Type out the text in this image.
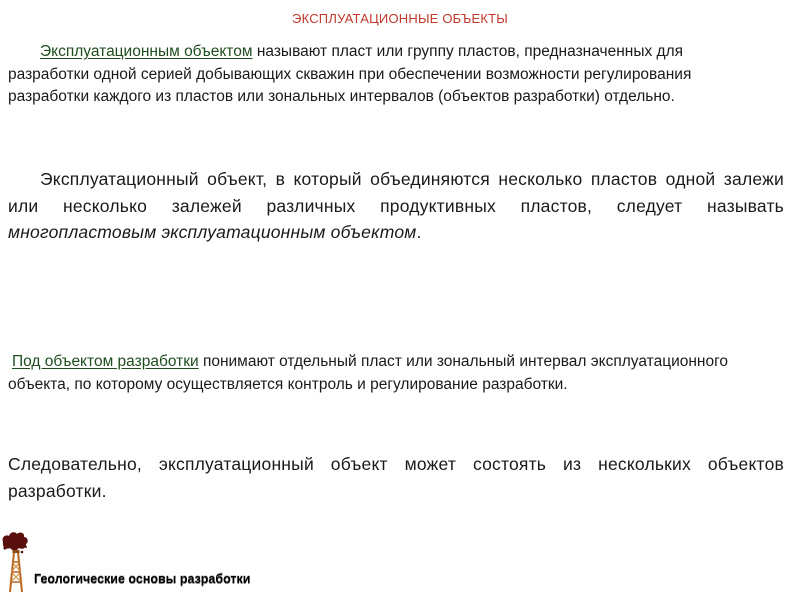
ЭКСПЛУАТАЦИОННЫЕ ОБЪЕКТЫ

Эксплуатационным объектом называют пласт или группу пластов, предназначенных для разработки одной серией добывающих скважин при обеспечении возможности регулирования разработки каждого из пластов или зональных интервалов (объектов разработки) отдельно.

Эксплуатационный объект, в который объединяются несколько пластов одной залежи или несколько залежей различных продуктивных пластов, следует называть многопластовым эксплуатационным объектом.

Под объектом разработки понимают отдельный пласт или зональный интервал эксплуатационного объекта, по которому осуществляется контроль и регулирование разработки.

Следовательно, эксплуатационный объект может состоять из нескольких объектов разработки.

Геологические основы разработки
